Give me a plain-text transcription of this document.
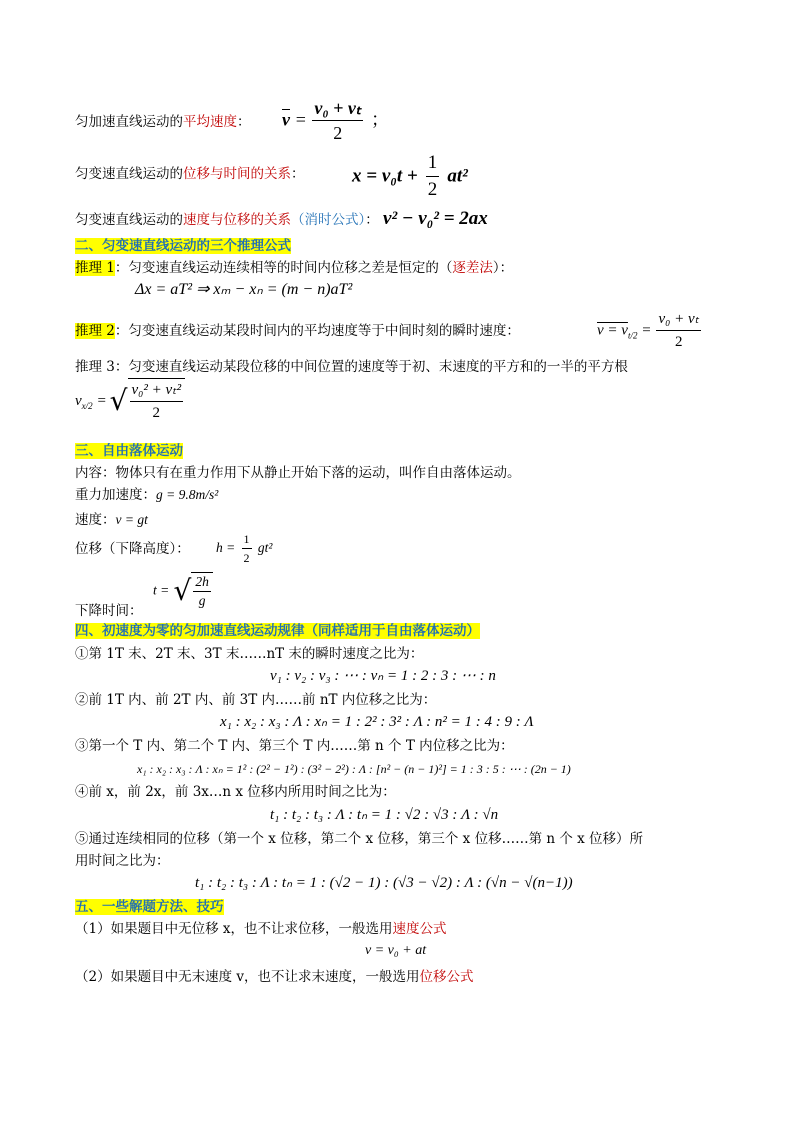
匀加速直线运动的平均速度： $\overline{v} = \frac{\text{v₀ + vₜ}}{2}$ ；
匀变速直线运动的位移与时间的关系：	$x = v_0t + \frac{1}{2} at^2$
匀变速直线运动的速度与位移的关系（消时公式）： v² − v₀² = 2ax
二、匀变速直线运动的三个推理公式
推理 1：匀变速直线运动连续相等的时间内位移之差是恒定的（逐差法）：
Δx = aT² ⇒ xₘ − xₙ = (m − n)aT²
推理 2：匀变速直线运动某段时间内的平均速度等于中间时刻的瞬时速度：	$v = v_{t/2} = \frac{\text{v₀ + vₜ}}{2}$
推理 3：匀变速直线运动某段位移的中间位置的速度等于初、末速度的平方和的一半的平方根
$v_{x/2}$ = √ $\frac{\text{v₀² + vₜ²}}{2}$
三、自由落体运动
内容：物体只有在重力作用下从静止开始下落的运动，叫作自由落体运动。
重力加速度：g = 9.8m/s²
速度：v = gt
位移（下降高度）： $h = \frac{1}{2} gt^2$
下降时间：
t = √ $\frac{2h}{g}$
四、初速度为零的匀加速直线运动规律（同样适用于自由落体运动）
①第 1T 末、2T 末、3T 末……nT 末的瞬时速度之比为：
v₁ : v₂ : v₃ : ⋯ : vₙ = 1 : 2 : 3 : ⋯ : n
②前 1T 内、前 2T 内、前 3T 内……前 nT 内位移之比为：
x₁ : x₂ : x₃ : Λ : xₙ = 1 : 2² : 3² : Λ : n² = 1 : 4 : 9 : Λ
③第一个 T 内、第二个 T 内、第三个 T 内……第 n 个 T 内位移之比为：
x₁ : x₂ : x₃ : Λ : xₙ = 1² : (2² − 1²) : (3² − 2²) : Λ : [n² − (n − 1)²] = 1 : 3 : 5 : ⋯ : (2n − 1)
④前 x，前 2x，前 3x…n x 位移内所用时间之比为：
t₁ : t₂ : t₃ : Λ : tₙ = 1 : √2 : √3 : Λ : √n
⑤通过连续相同的位移（第一个 x 位移，第二个 x 位移，第三个 x 位移……第 n 个 x 位移）所
用时间之比为：
t₁ : t₂ : t₃ : Λ : tₙ = 1 : (√2 − 1) : (√3 − √2) : Λ : (√n − √(n−1))
五、一些解题方法、技巧
（1）如果题目中无位移 x，也不让求位移，一般选用速度公式
v = v₀ + at
（2）如果题目中无末速度 v，也不让求末速度，一般选用位移公式
